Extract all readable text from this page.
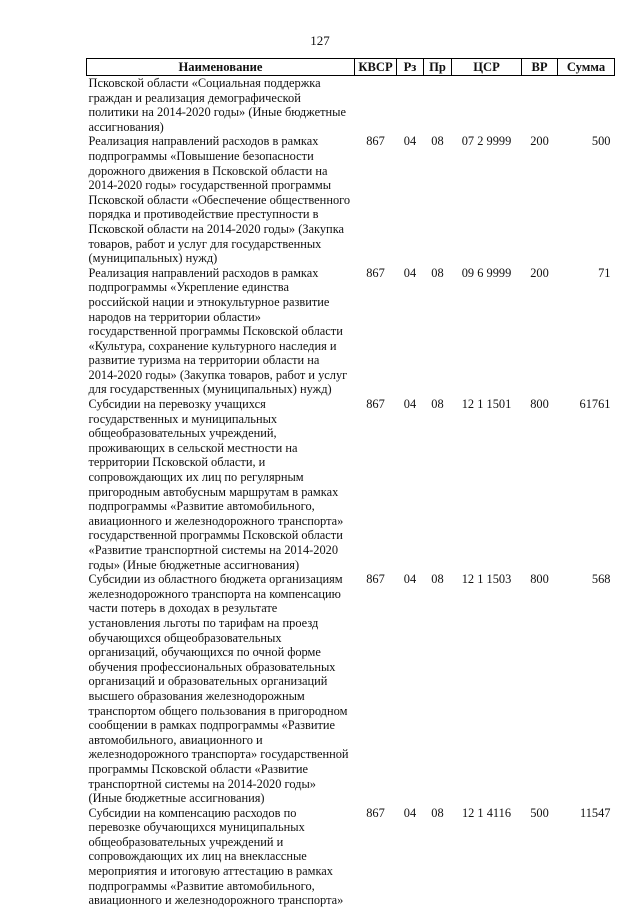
127
Наименование	КВСР	Рз	Пр	ЦСР	ВР	Сумма
Псковской области «Социальная поддержка граждан и реализация демографической политики на 2014-2020 годы» (Иные бюджетные ассигнования)						
Реализация направлений расходов в рамках подпрограммы «Повышение безопасности дорожного движения в Псковской области на 2014-2020 годы» государственной программы Псковской области «Обеспечение общественного порядка и противодействие преступности в Псковской области на 2014-2020 годы» (Закупка товаров, работ и услуг для государственных (муниципальных) нужд)	867	04	08	07 2 9999	200	500
Реализация направлений расходов в рамках подпрограммы «Укрепление единства российской нации и этнокультурное развитие народов на территории области» государственной программы Псковской области «Культура, сохранение культурного наследия и развитие туризма на территории области на 2014-2020 годы» (Закупка товаров, работ и услуг для государственных (муниципальных) нужд)	867	04	08	09 6 9999	200	71
Субсидии на перевозку учащихся государственных и муниципальных общеобразовательных учреждений, проживающих в сельской местности на территории Псковской области, и сопровождающих их лиц по регулярным пригородным автобусным маршрутам в рамках подпрограммы «Развитие автомобильного, авиационного и железнодорожного транспорта» государственной программы Псковской области «Развитие транспортной системы на 2014-2020 годы» (Иные бюджетные ассигнования)	867	04	08	12 1 1501	800	61761
Субсидии из областного бюджета организациям железнодорожного транспорта на компенсацию части потерь в доходах в результате установления льготы по тарифам на проезд обучающихся общеобразовательных организаций, обучающихся по очной форме обучения профессиональных образовательных организаций и образовательных организаций высшего образования железнодорожным транспортом общего пользования в пригородном сообщении в рамках подпрограммы «Развитие автомобильного, авиационного и железнодорожного транспорта» государственной программы Псковской области «Развитие транспортной системы на 2014-2020 годы» (Иные бюджетные ассигнования)	867	04	08	12 1 1503	800	568
Субсидии на компенсацию расходов по перевозке обучающихся муниципальных общеобразовательных учреждений и сопровождающих их лиц на внеклассные мероприятия и итоговую аттестацию в рамках подпрограммы «Развитие автомобильного, авиационного и железнодорожного транспорта»	867	04	08	12 1 4116	500	11547
